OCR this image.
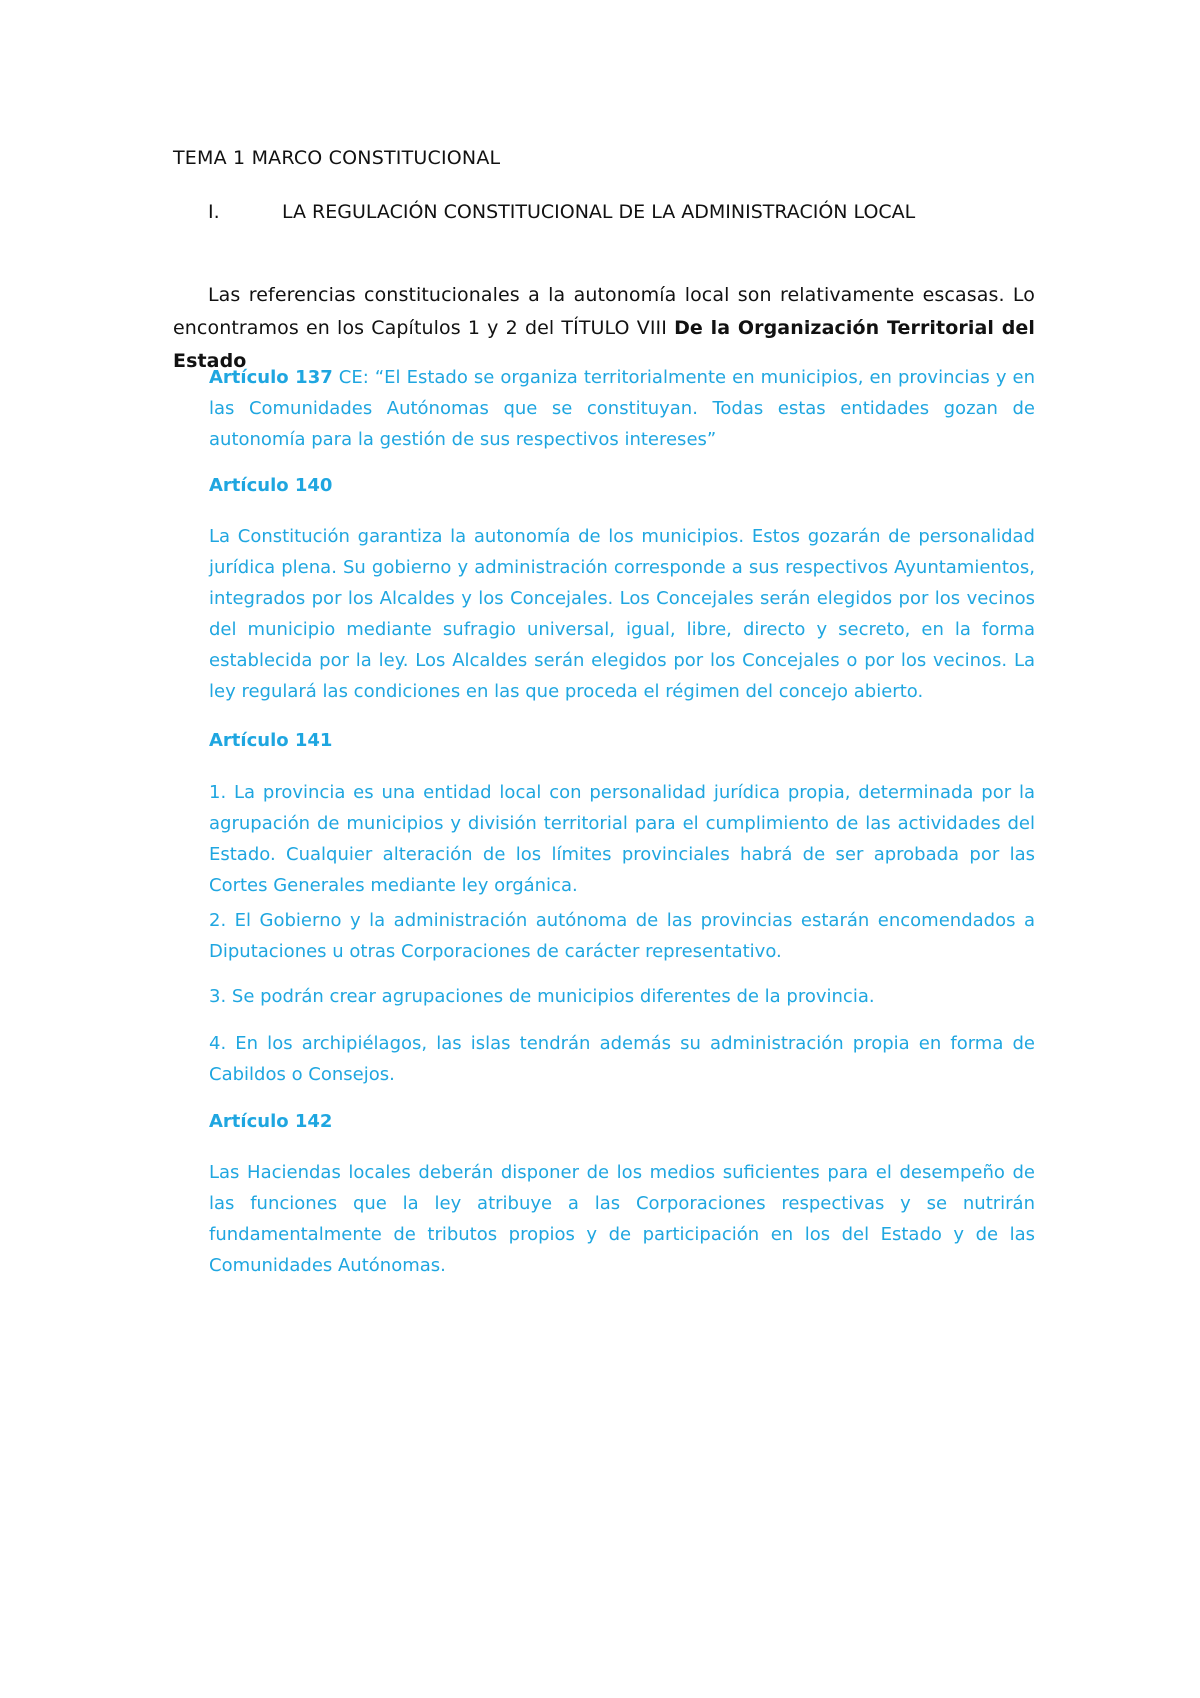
TEMA 1 MARCO CONSTITUCIONAL
I.	LA REGULACIÓN CONSTITUCIONAL DE LA ADMINISTRACIÓN LOCAL

Las referencias constitucionales a la autonomía local son relativamente escasas. Lo encontramos en los Capítulos 1 y 2 del TÍTULO VIII De la Organización Territorial del Estado

Artículo 137 CE: “El Estado se organiza territorialmente en municipios, en provincias y en las Comunidades Autónomas que se constituyan. Todas estas entidades gozan de autonomía para la gestión de sus respectivos intereses”

Artículo 140

La Constitución garantiza la autonomía de los municipios. Estos gozarán de personalidad jurídica plena. Su gobierno y administración corresponde a sus respectivos Ayuntamientos, integrados por los Alcaldes y los Concejales. Los Concejales serán elegidos por los vecinos del municipio mediante sufragio universal, igual, libre, directo y secreto, en la forma establecida por la ley. Los Alcaldes serán elegidos por los Concejales o por los vecinos. La ley regulará las condiciones en las que proceda el régimen del concejo abierto.

Artículo 141

1. La provincia es una entidad local con personalidad jurídica propia, determinada por la agrupación de municipios y división territorial para el cumplimiento de las actividades del Estado. Cualquier alteración de los límites provinciales habrá de ser aprobada por las Cortes Generales mediante ley orgánica.

2. El Gobierno y la administración autónoma de las provincias estarán encomendados a Diputaciones u otras Corporaciones de carácter representativo.

3. Se podrán crear agrupaciones de municipios diferentes de la provincia.

4. En los archipiélagos, las islas tendrán además su administración propia en forma de Cabildos o Consejos.

Artículo 142

Las Haciendas locales deberán disponer de los medios suficientes para el desempeño de las funciones que la ley atribuye a las Corporaciones respectivas y se nutrirán fundamentalmente de tributos propios y de participación en los del Estado y de las Comunidades Autónomas.
